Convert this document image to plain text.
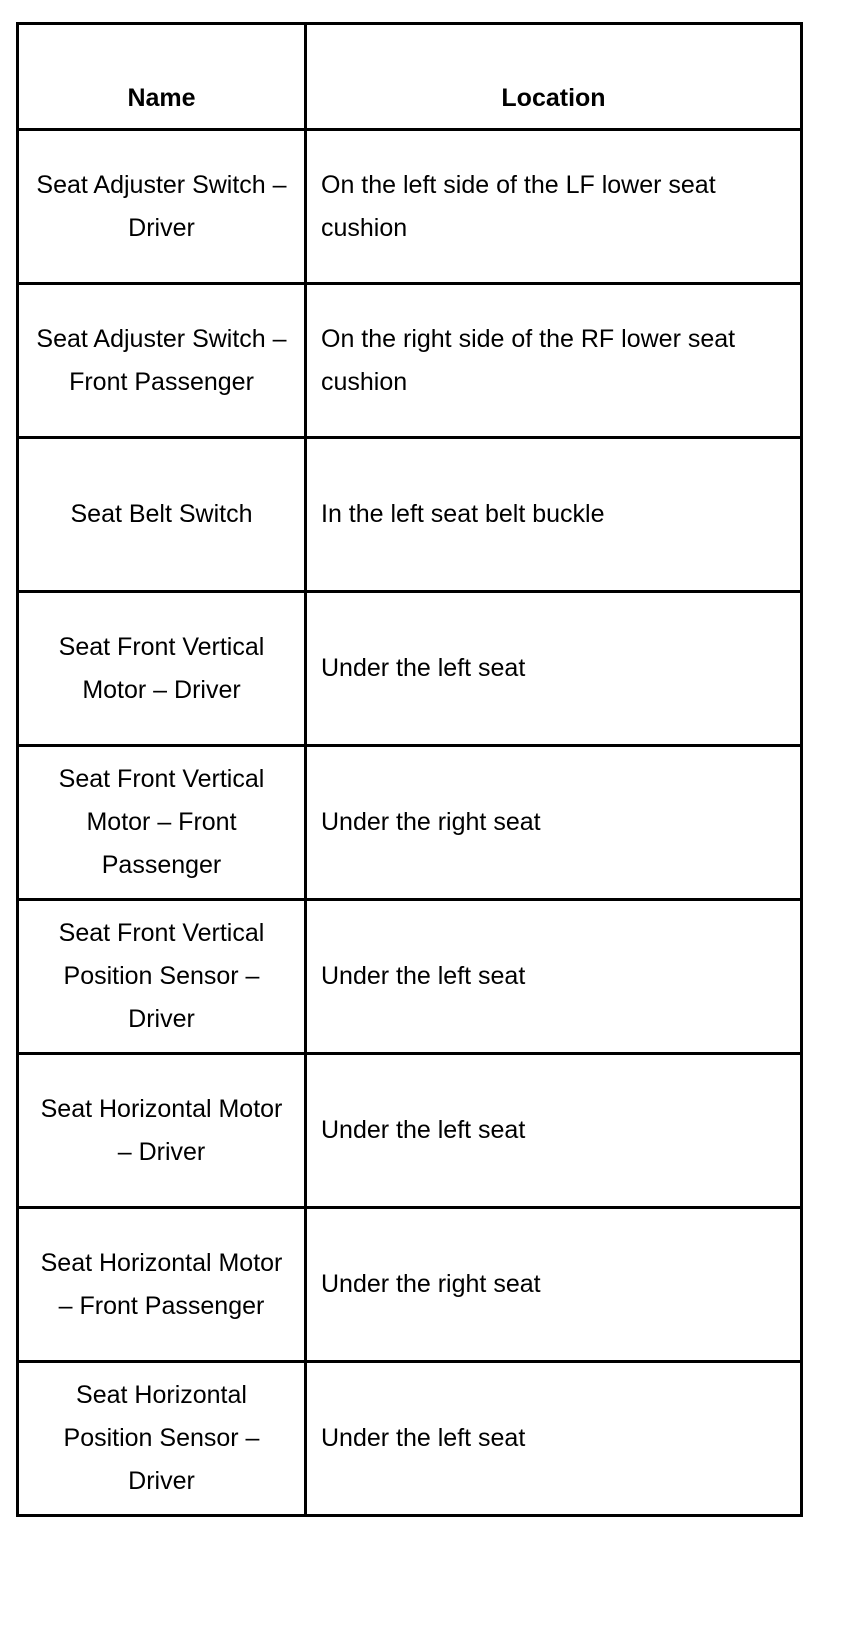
Name	Location
Seat Adjuster Switch – Driver	On the left side of the LF lower seat cushion
Seat Adjuster Switch – Front Passenger	On the right side of the RF lower seat cushion
Seat Belt Switch	In the left seat belt buckle
Seat Front Vertical Motor – Driver	Under the left seat
Seat Front Vertical Motor – Front Passenger	Under the right seat
Seat Front Vertical Position Sensor – Driver	Under the left seat
Seat Horizontal Motor – Driver	Under the left seat
Seat Horizontal Motor – Front Passenger	Under the right seat
Seat Horizontal Position Sensor – Driver	Under the left seat
